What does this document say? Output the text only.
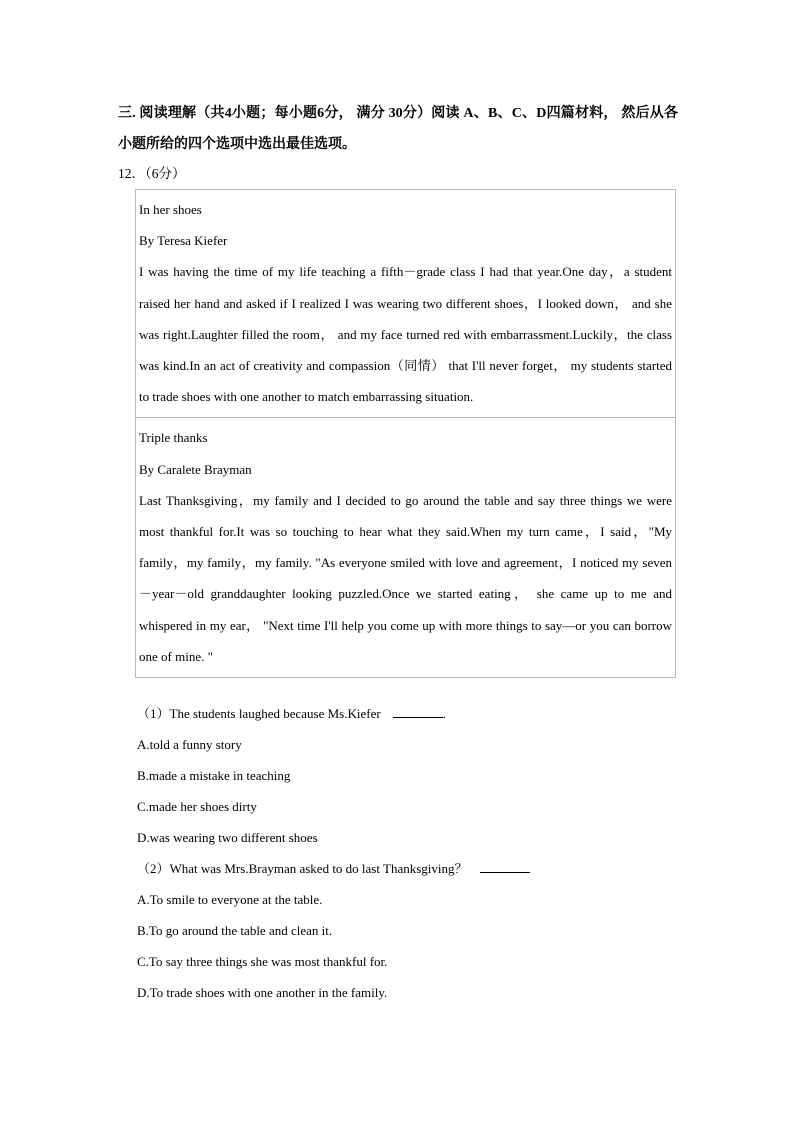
三. 阅读理解（共4小题；每小题6分， 满分 30分）阅读 A、B、C、D四篇材料， 然后从各小题所给的四个选项中选出最佳选项。
12．（6分）
In her shoes
By Teresa Kiefer
I was having the time of my life teaching a fifth－grade class I had that year.One day，a student raised her hand and asked if I realized I was wearing two different shoes，I looked down， and she was right.Laughter filled the room， and my face turned red with embarrassment.Luckily，the class was kind.In an act of creativity and compassion（同情） that I'll never forget， my students started to trade shoes with one another to match embarrassing situation.
Triple thanks
By Caralete Brayman
Last Thanksgiving，my family and I decided to go around the table and say three things we were most thankful for.It was so touching to hear what they said.When my turn came，I said，"My family，my family，my family. "As everyone smiled with love and agreement，I noticed my seven－year－old granddaughter looking puzzled.Once we started eating， she came up to me and whispered in my ear， "Next time I'll help you come up with more things to say—or you can borrow one of mine. "
（1）The students laughed because Ms.Kiefer	.
A.told a funny story
B.made a mistake in teaching
C.made her shoes dirty
D.was wearing two different shoes
（2）What was Mrs.Brayman asked to do last Thanksgiving？
A.To smile to everyone at the table.
B.To go around the table and clean it.
C.To say three things she was most thankful for.
D.To trade shoes with one another in the family.
